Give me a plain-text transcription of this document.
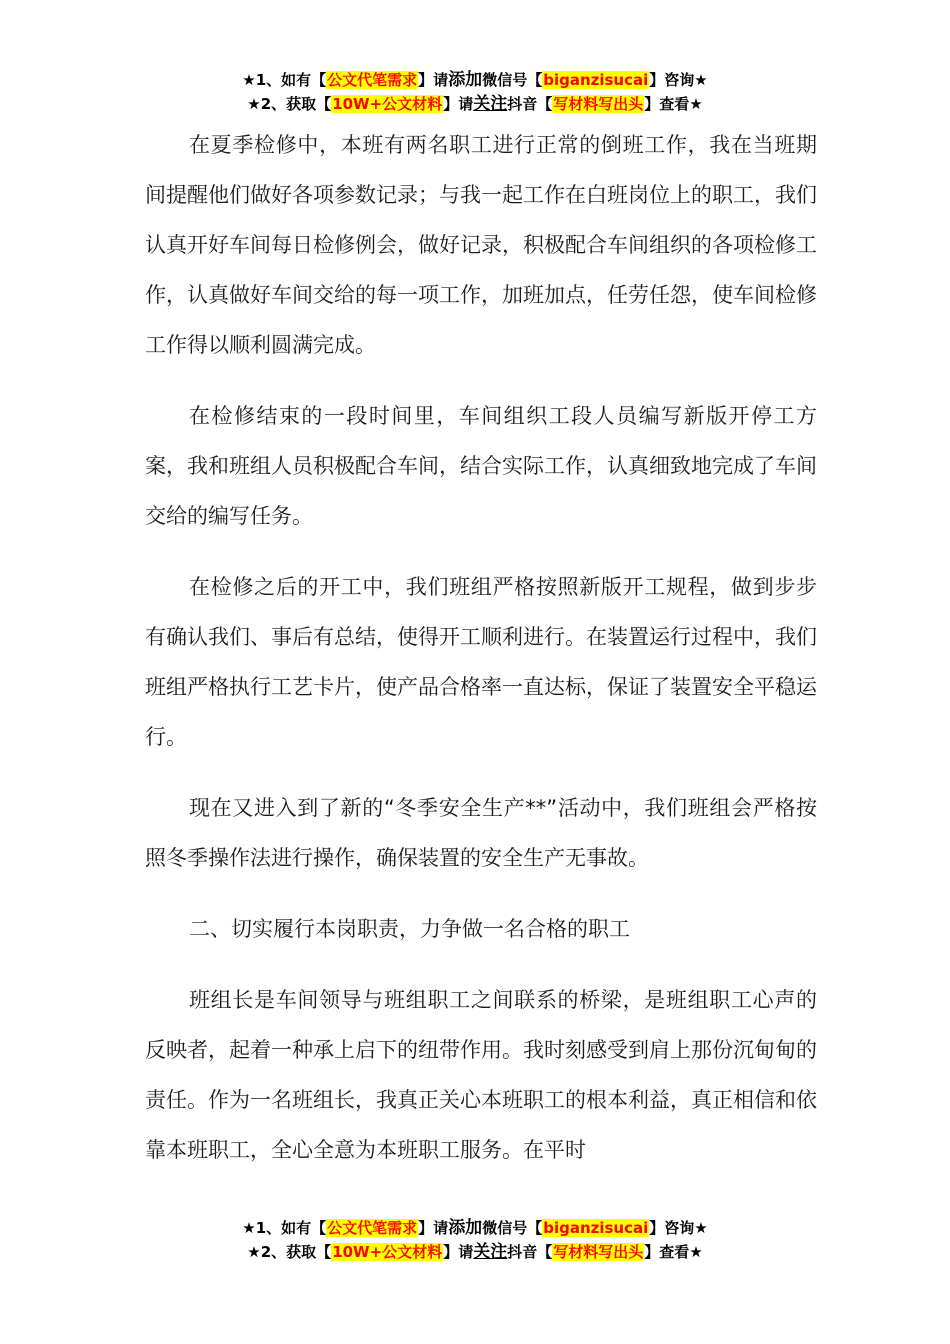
★1、如有【公文代笔需求】请添加微信号【biganzisucai】咨询★
★2、获取【10W+公文材料】请关注抖音【写材料写出头】查看★

在夏季检修中，本班有两名职工进行正常的倒班工作，我在当班期间提醒他们做好各项参数记录；与我一起工作在白班岗位上的职工，我们认真开好车间每日检修例会，做好记录，积极配合车间组织的各项检修工作，认真做好车间交给的每一项工作，加班加点，任劳任怨，使车间检修工作得以顺利圆满完成。

在检修结束的一段时间里，车间组织工段人员编写新版开停工方案，我和班组人员积极配合车间，结合实际工作，认真细致地完成了车间交给的编写任务。

在检修之后的开工中，我们班组严格按照新版开工规程，做到步步有确认我们、事后有总结，使得开工顺利进行。在装置运行过程中，我们班组严格执行工艺卡片，使产品合格率一直达标，保证了装置安全平稳运行。

现在又进入到了新的“冬季安全生产**”活动中，我们班组会严格按照冬季操作法进行操作，确保装置的安全生产无事故。

二、切实履行本岗职责，力争做一名合格的职工

班组长是车间领导与班组职工之间联系的桥梁，是班组职工心声的反映者，起着一种承上启下的纽带作用。我时刻感受到肩上那份沉甸甸的责任。作为一名班组长，我真正关心本班职工的根本利益，真正相信和依靠本班职工，全心全意为本班职工服务。在平时

★1、如有【公文代笔需求】请添加微信号【biganzisucai】咨询★
★2、获取【10W+公文材料】请关注抖音【写材料写出头】查看★
